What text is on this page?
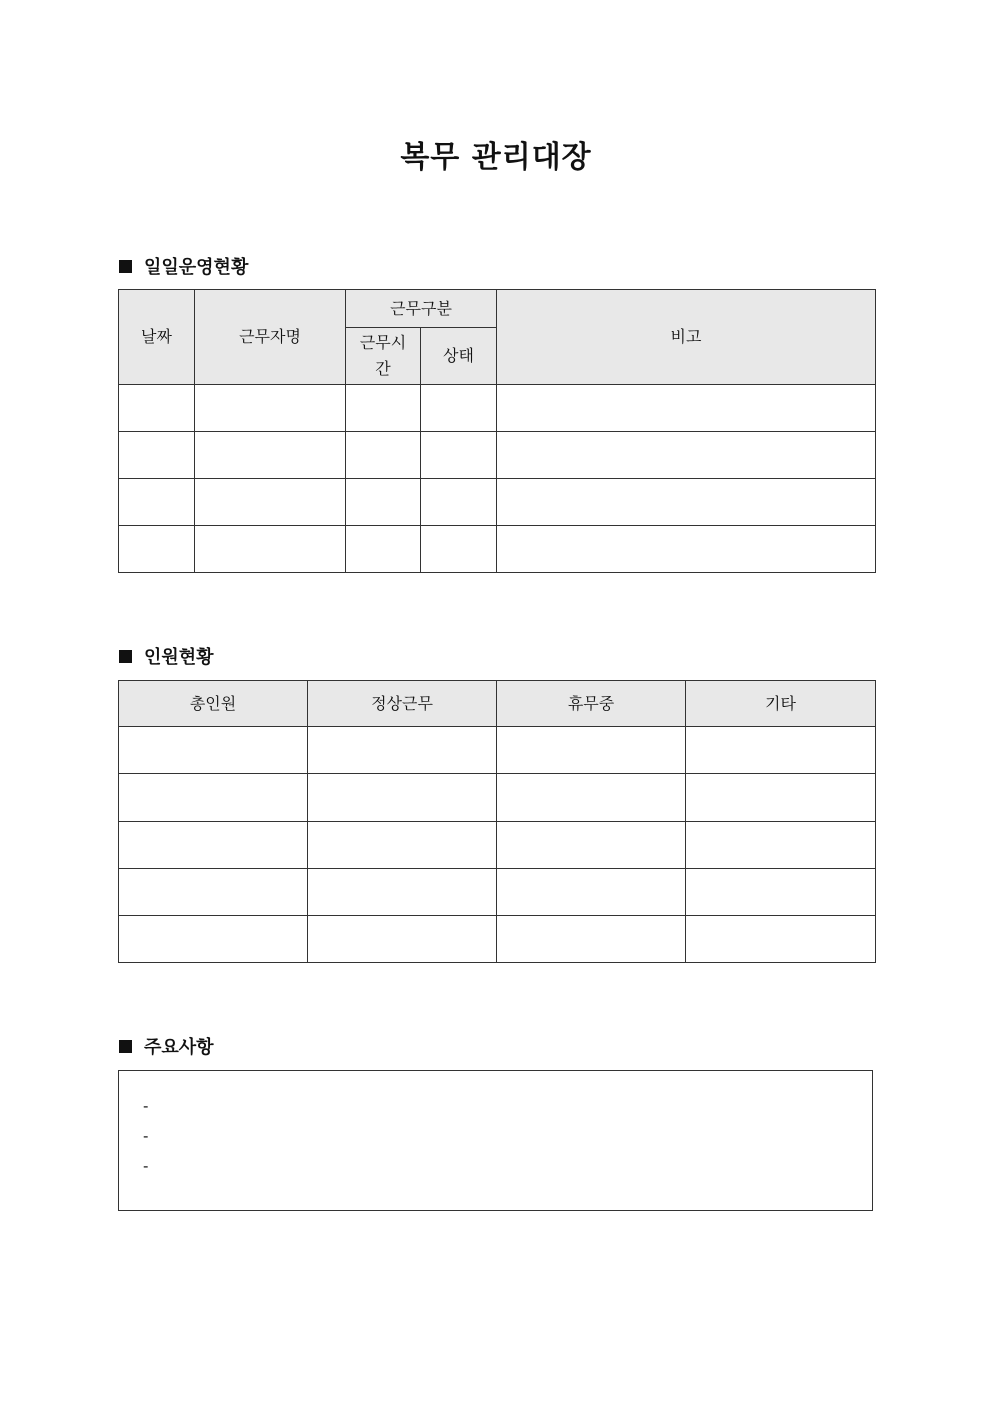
복무 관리대장
일일운영현황
날짜	근무자명	근무구분		비고
		근무시간	상태	

인원현황
총인원	정상근무	휴무중	기타

주요사항
-
-
-
